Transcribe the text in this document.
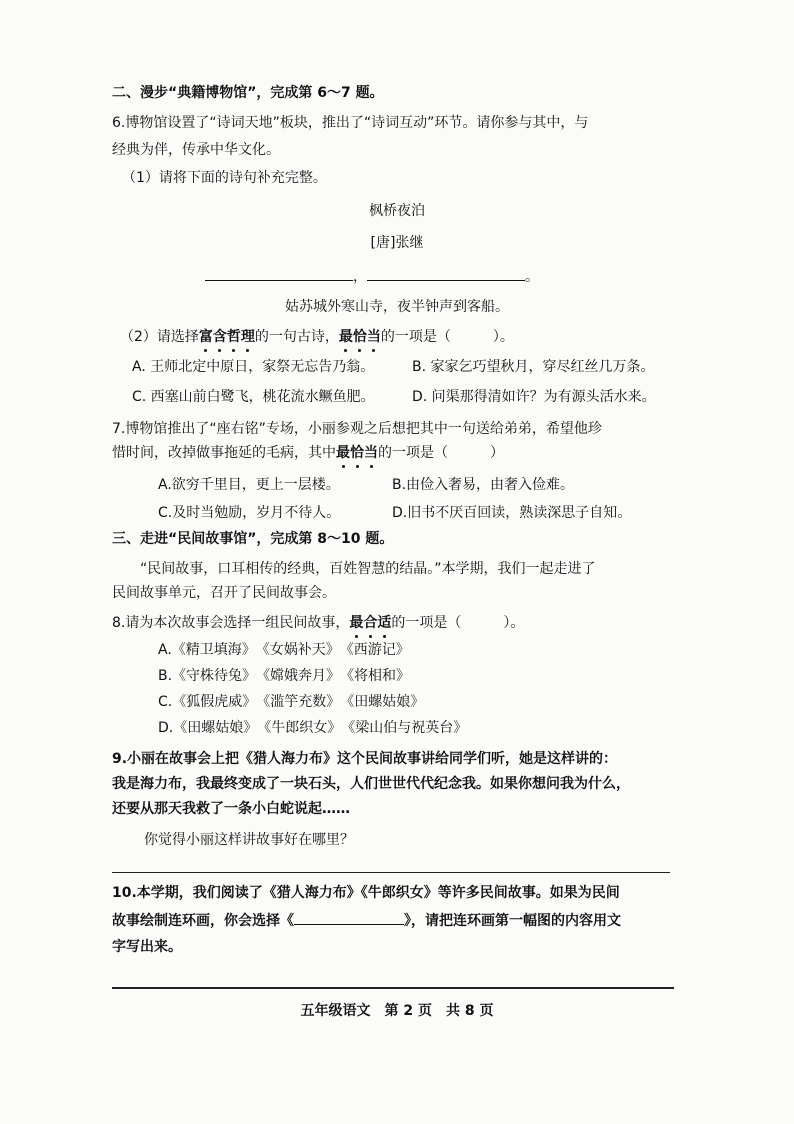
二、漫步“典籍博物馆”，完成第 6～7 题。
6.博物馆设置了“诗词天地”板块，推出了“诗词互动”环节。请你参与其中，与
经典为伴，传承中华文化。
（1）请将下面的诗句补充完整。
枫桥夜泊
[唐]张继
，	。
姑苏城外寒山寺，夜半钟声到客船。
（2）请选择富含哲理的一句古诗，最恰当的一项是（　　　）。
A. 王师北定中原日，家祭无忘告乃翁。	B. 家家乞巧望秋月，穿尽红丝几万条。
C. 西塞山前白鹭飞，桃花流水鳜鱼肥。	D. 问渠那得清如许？为有源头活水来。
7.博物馆推出了“座右铭”专场，小丽参观之后想把其中一句送给弟弟，希望他珍
惜时间，改掉做事拖延的毛病，其中最恰当的一项是（　　　）
A.欲穷千里目，更上一层楼。	B.由俭入奢易，由奢入俭难。
C.及时当勉励，岁月不待人。	D.旧书不厌百回读，熟读深思子自知。
三、走进“民间故事馆”，完成第 8～10 题。
“民间故事，口耳相传的经典，百姓智慧的结晶。”本学期，我们一起走进了
民间故事单元，召开了民间故事会。
8.请为本次故事会选择一组民间故事，最合适的一项是（　　　）。
A.《精卫填海》　 《女娲补天》　 《西游记》
B.《守株待兔》　 《嫦娥奔月》　 《将相和》
C.《狐假虎威》　 《滥竽充数》　 《田螺姑娘》
D.《田螺姑娘》　 《牛郎织女》　 《梁山伯与祝英台》
9.小丽在故事会上把《猎人海力布》这个民间故事讲给同学们听，她是这样讲的：
我是海力布，我最终变成了一块石头，人们世世代代纪念我。如果你想问我为什么，
还要从那天我救了一条小白蛇说起……
你觉得小丽这样讲故事好在哪里？
10.本学期，我们阅读了《猎人海力布》《牛郎织女》等许多民间故事。如果为民间
故事绘制连环画，你会选择《	》，请把连环画第一幅图的内容用文
字写出来。
五年级语文　第 2 页　共 8 页
